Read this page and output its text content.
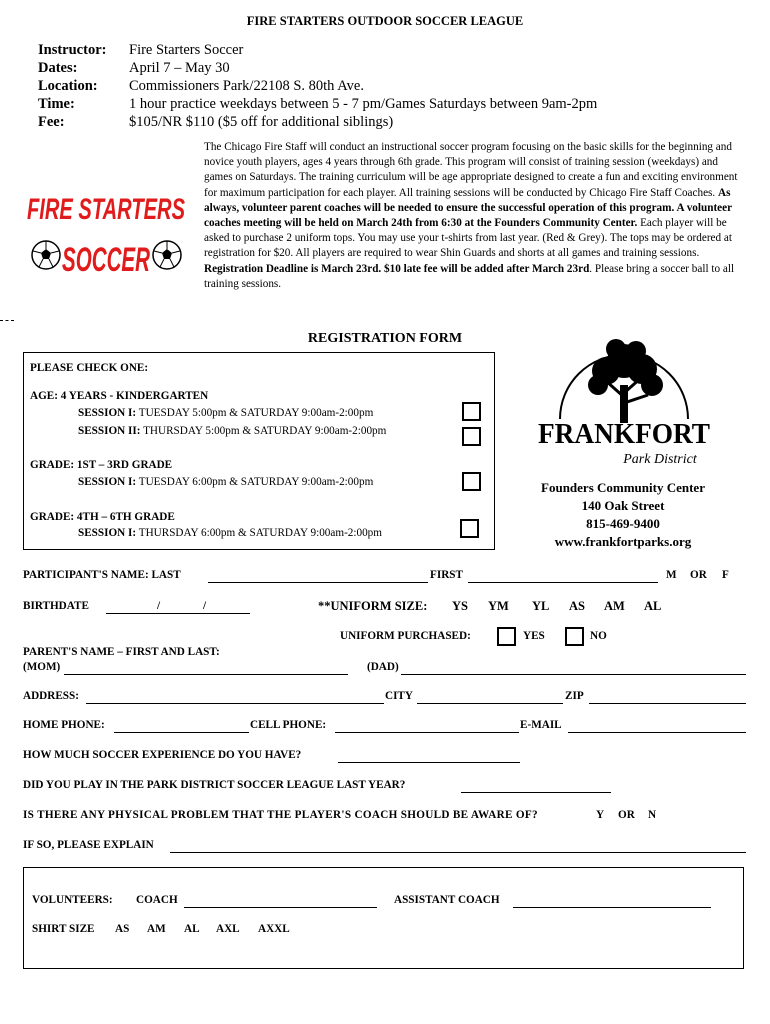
FIRE STARTERS OUTDOOR SOCCER LEAGUE
Instructor: Fire Starters Soccer
Dates:	April 7 – May 30
Location: Commissioners Park/22108 S. 80th Ave.
Time:	1 hour practice weekdays between 5 - 7 pm/Games Saturdays between 9am-2pm
Fee:	$105/NR $110 ($5 off for additional siblings)
FIRE STARTERS
SOCCER
The Chicago Fire Staff will conduct an instructional soccer program focusing on the basic skills for the beginning and novice youth players, ages 4 years through 6th grade. This program will consist of training session (weekdays) and games on Saturdays. The training curriculum will be age appropriate designed to create a fun and exciting environment for maximum participation for each player. All training sessions will be conducted by Chicago Fire Staff Coaches. As always, volunteer parent coaches will be needed to ensure the successful operation of this program. A volunteer coaches meeting will be held on March 24th from 6:30 at the Founders Community Center. Each player will be asked to purchase 2 uniform tops. You may use your t-shirts from last year. (Red & Grey). The tops may be ordered at registration for $20. All players are required to wear Shin Guards and shorts at all games and training sessions. Registration Deadline is March 23rd. $10 late fee will be added after March 23rd. Please bring a soccer ball to all training sessions.
REGISTRATION FORM
PLEASE CHECK ONE:
AGE: 4 YEARS - KINDERGARTEN
SESSION I: TUESDAY 5:00pm & SATURDAY 9:00am-2:00pm
SESSION II: THURSDAY 5:00pm & SATURDAY 9:00am-2:00pm
GRADE: 1ST – 3RD GRADE
SESSION I: TUESDAY 6:00pm & SATURDAY 9:00am-2:00pm
GRADE: 4TH – 6TH GRADE
SESSION I: THURSDAY 6:00pm & SATURDAY 9:00am-2:00pm
FRANKFORT
Park District
Founders Community Center
140 Oak Street
815-469-9400
www.frankfortparks.org
PARTICIPANT'S NAME: LAST	FIRST	M OR F
BIRTHDATE	/	/	**UNIFORM SIZE: YS YM YL AS AM AL
UNIFORM PURCHASED:	YES	NO
PARENT'S NAME – FIRST AND LAST:
(MOM)	(DAD)
ADDRESS:	CITY	ZIP
HOME PHONE:	CELL PHONE:	E-MAIL
HOW MUCH SOCCER EXPERIENCE DO YOU HAVE?
DID YOU PLAY IN THE PARK DISTRICT SOCCER LEAGUE LAST YEAR?
IS THERE ANY PHYSICAL PROBLEM THAT THE PLAYER'S COACH SHOULD BE AWARE OF?	Y OR N
IF SO, PLEASE EXPLAIN
VOLUNTEERS: COACH	ASSISTANT COACH
SHIRT SIZE AS AM AL AXL AXXL
